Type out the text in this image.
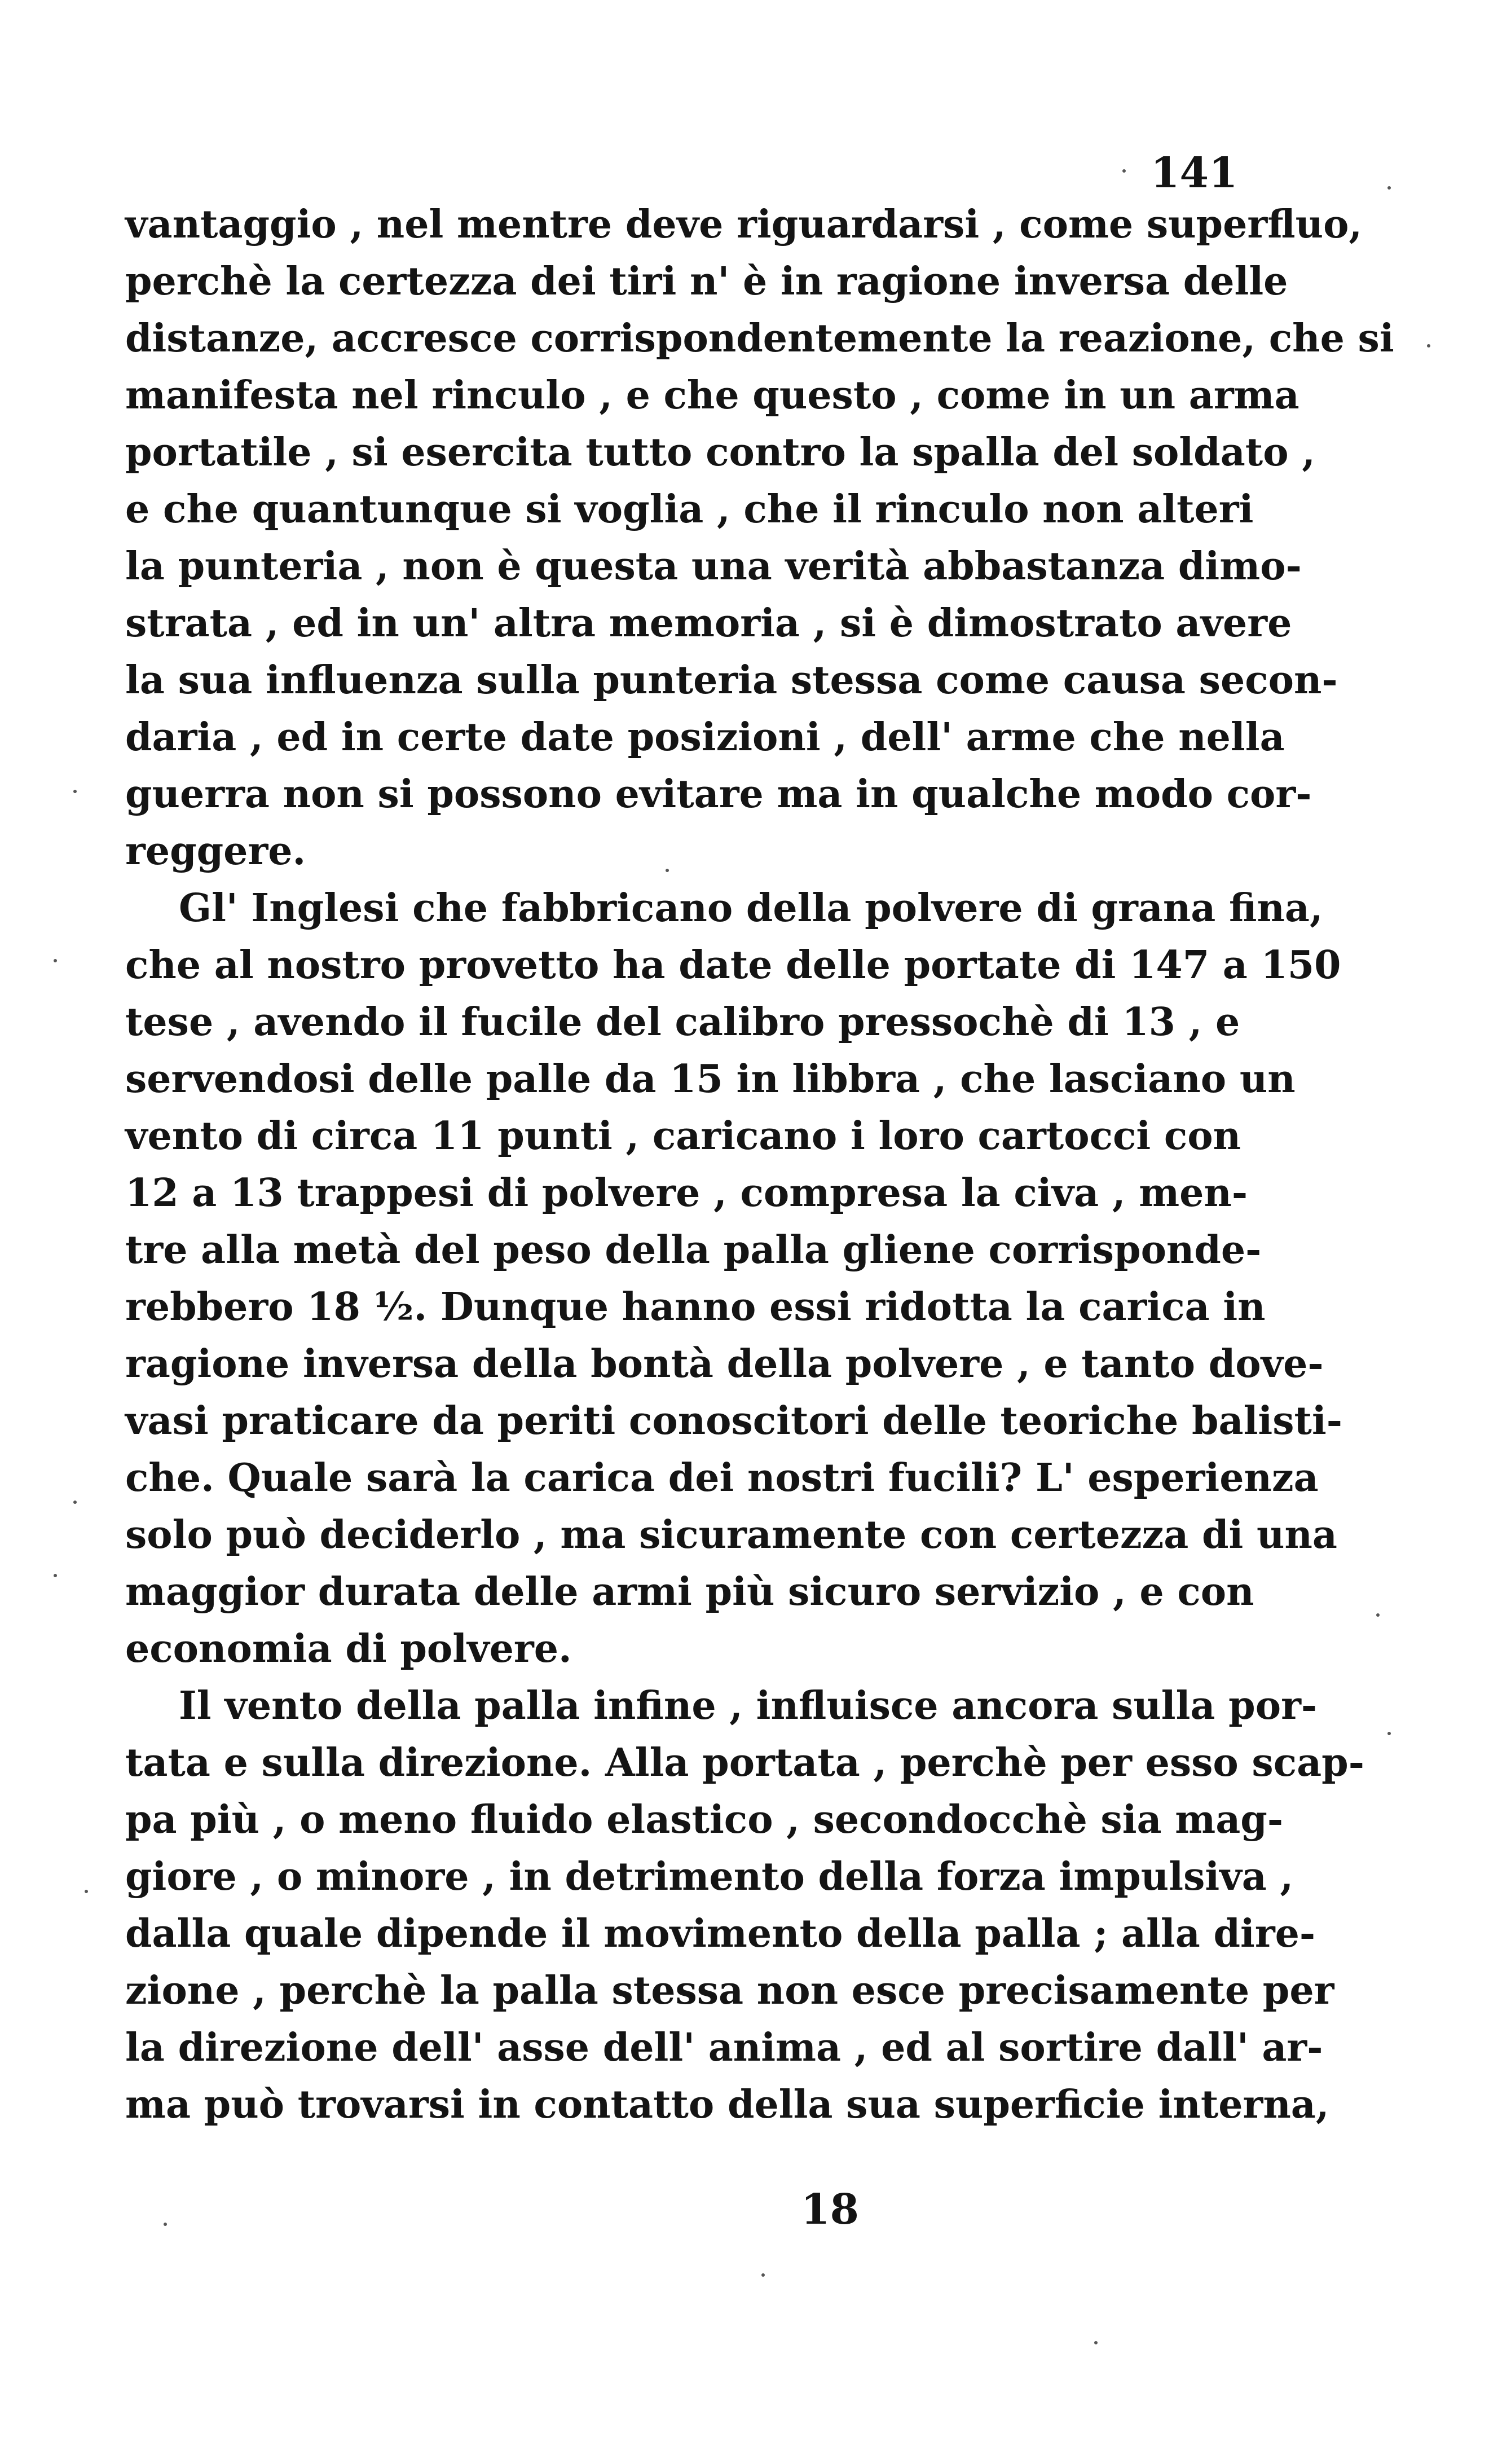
141
vantaggio , nel mentre deve riguardarsi , come superfluo,
perchè la certezza dei tiri n' è in ragione inversa delle
distanze, accresce corrispondentemente la reazione, che si
manifesta nel rinculo , e che questo , come in un arma
portatile , si esercita tutto contro la spalla del soldato ,
e che quantunque si voglia , che il rinculo non alteri
la punteria , non è questa una verità abbastanza dimo-
strata , ed in un' altra memoria , si è dimostrato avere
la sua influenza sulla punteria stessa come causa secon-
daria , ed in certe date posizioni , dell' arme che nella
guerra non si possono evitare ma in qualche modo cor-
reggere.
Gl' Inglesi che fabbricano della polvere di grana fina,
che al nostro provetto ha date delle portate di 147 a 150
tese , avendo il fucile del calibro pressochè di 13 , e
servendosi delle palle da 15 in libbra , che lasciano un
vento di circa 11 punti , caricano i loro cartocci con
12 a 13 trappesi di polvere , compresa la civa , men-
tre alla metà del peso della palla gliene corrisponde-
rebbero 18 ½. Dunque hanno essi ridotta la carica in
ragione inversa della bontà della polvere , e tanto dove-
vasi praticare da periti conoscitori delle teoriche balisti-
che. Quale sarà la carica dei nostri fucili? L' esperienza
solo può deciderlo , ma sicuramente con certezza di una
maggior durata delle armi più sicuro servizio , e con
economia di polvere.
Il vento della palla infine , influisce ancora sulla por-
tata e sulla direzione. Alla portata , perchè per esso scap-
pa più , o meno fluido elastico , secondocchè sia mag-
giore , o minore , in detrimento della forza impulsiva ,
dalla quale dipende il movimento della palla ; alla dire-
zione , perchè la palla stessa non esce precisamente per
la direzione dell' asse dell' anima , ed al sortire dall' ar-
ma può trovarsi in contatto della sua superficie interna,
18
